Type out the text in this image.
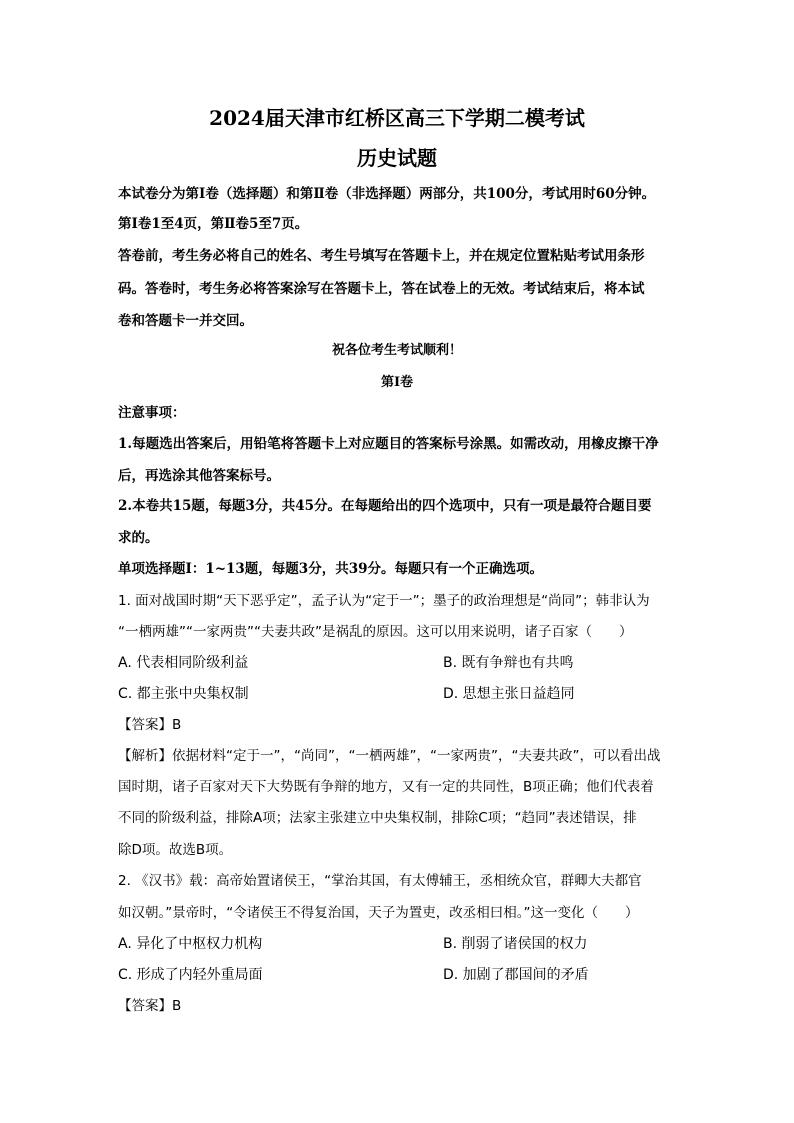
2024届天津市红桥区高三下学期二模考试
历史试题
本试卷分为第Ⅰ卷（选择题）和第Ⅱ卷（非选择题）两部分，共100分，考试用时60分钟。
第Ⅰ卷1至4页，第Ⅱ卷5至7页。
答卷前，考生务必将自己的姓名、考生号填写在答题卡上，并在规定位置粘贴考试用条形
码。答卷时，考生务必将答案涂写在答题卡上，答在试卷上的无效。考试结束后，将本试
卷和答题卡一并交回。
祝各位考生考试顺利！
第Ⅰ卷
注意事项：
1.每题选出答案后，用铅笔将答题卡上对应题目的答案标号涂黑。如需改动，用橡皮擦干净
后，再选涂其他答案标号。
2.本卷共15题，每题3分，共45分。在每题给出的四个选项中，只有一项是最符合题目要
求的。
单项选择题Ⅰ：1~13题，每题3分，共39分。每题只有一个正确选项。
1. 面对战国时期“天下恶乎定”，孟子认为“定于一”；墨子的政治理想是“尚同”；韩非认为
“一栖两雄”“一家两贵”“夫妻共政”是祸乱的原因。这可以用来说明，诸子百家（　　）
A. 代表相同阶级利益	B. 既有争辩也有共鸣
C. 都主张中央集权制	D. 思想主张日益趋同
【答案】B
【解析】依据材料“定于一”，“尚同”，“一栖两雄”，“一家两贵”，“夫妻共政”，可以看出战
国时期，诸子百家对天下大势既有争辩的地方，又有一定的共同性，B项正确；他们代表着
不同的阶级利益，排除A项；法家主张建立中央集权制，排除C项；“趋同”表述错误，排
除D项。故选B项。
2. 《汉书》载：高帝始置诸侯王，“掌治其国，有太傅辅王，丞相统众官，群卿大夫都官
如汉朝。”景帝时，“令诸侯王不得复治国，天子为置吏，改丞相曰相。”这一变化（　　）
A. 异化了中枢权力机构	B. 削弱了诸侯国的权力
C. 形成了内轻外重局面	D. 加剧了郡国间的矛盾
【答案】B
